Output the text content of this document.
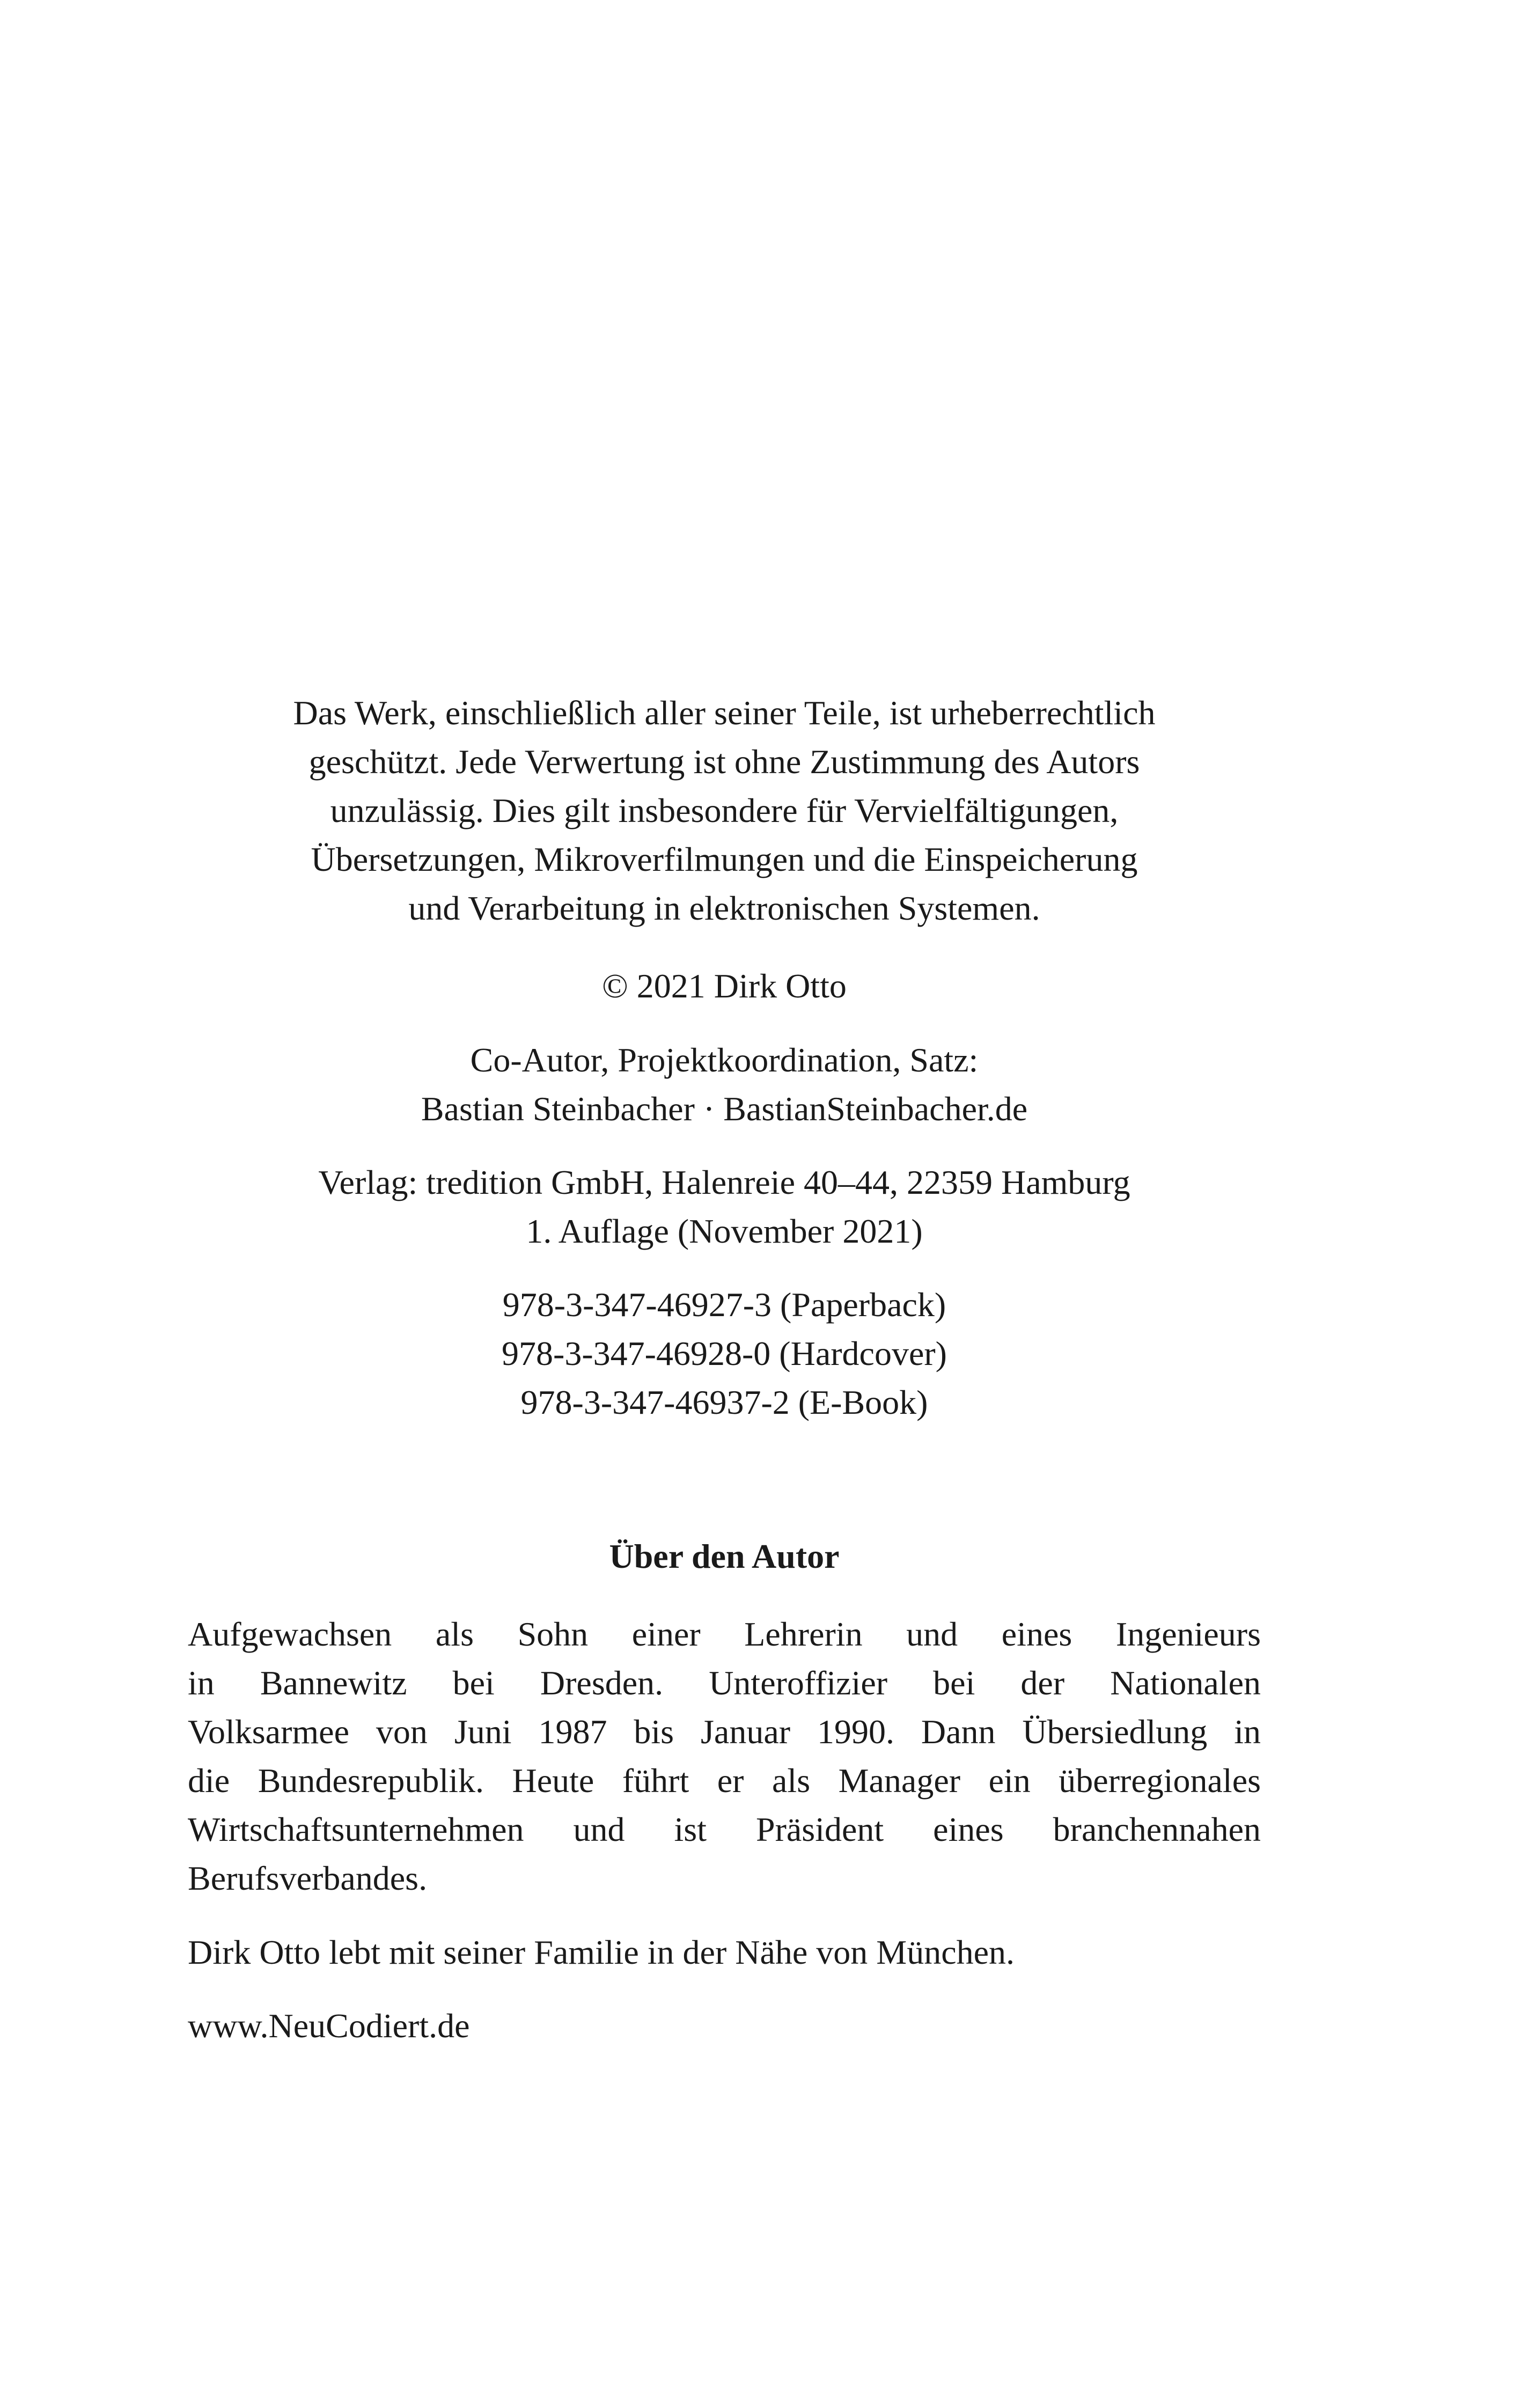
Das Werk, einschließlich aller seiner Teile, ist urheberrechtlich
geschützt. Jede Verwertung ist ohne Zustimmung des Autors
unzulässig. Dies gilt insbesondere für Vervielfältigungen,
Übersetzungen, Mikroverfilmungen und die Einspeicherung
und Verarbeitung in elektronischen Systemen.
© 2021 Dirk Otto
Co-Autor, Projektkoordination, Satz:
Bastian Steinbacher · BastianSteinbacher.de
Verlag: tredition GmbH, Halenreie 40–44, 22359 Hamburg
1. Auflage (November 2021)
978-3-347-46927-3 (Paperback)
978-3-347-46928-0 (Hardcover)
978-3-347-46937-2 (E-Book)
Über den Autor
Aufgewachsen als Sohn einer Lehrerin und eines Ingenieurs
in Bannewitz bei Dresden. Unteroffizier bei der Nationalen
Volksarmee von Juni 1987 bis Januar 1990. Dann Übersiedlung in
die Bundesrepublik. Heute führt er als Manager ein überregionales
Wirtschaftsunternehmen und ist Präsident eines branchennahen
Berufsverbandes.
Dirk Otto lebt mit seiner Familie in der Nähe von München.
www.NeuCodiert.de
